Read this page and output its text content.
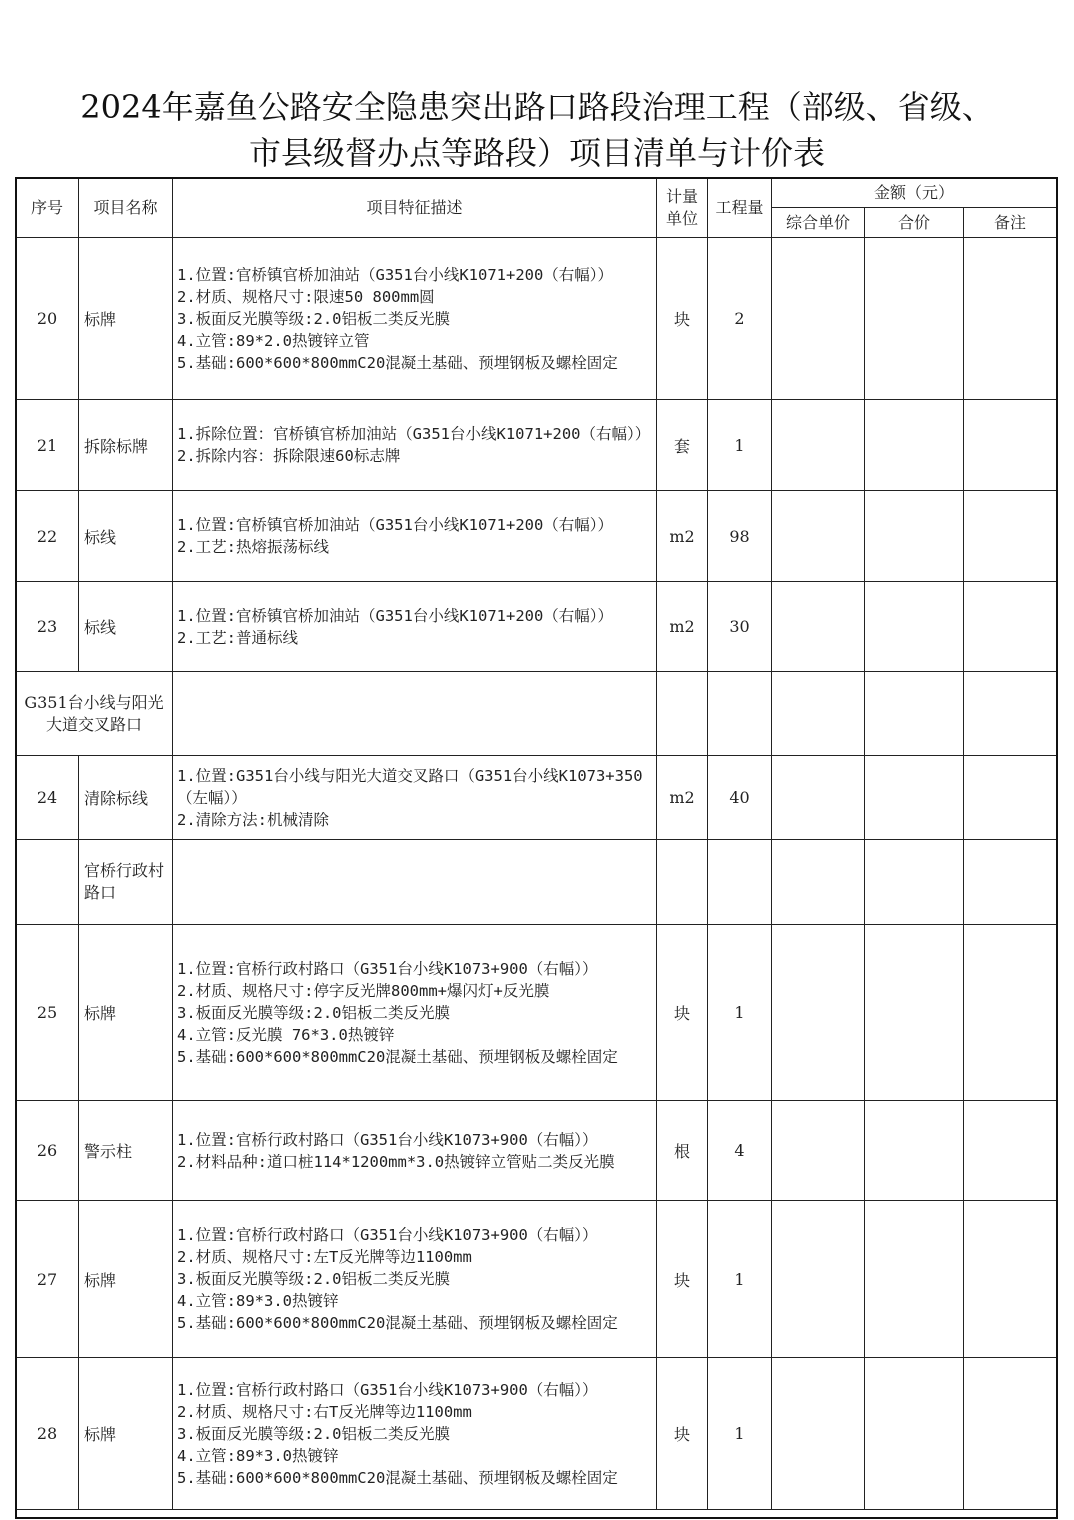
2024年嘉鱼公路安全隐患突出路口路段治理工程（部级、省级、
市县级督办点等路段）项目清单与计价表
序号	项目名称	项目特征描述	计量单位	工程量	金额（元）		
					综合单价	合价	备注
20	标牌	1.位置:官桥镇官桥加油站（G351台小线K1071+200（右幅））
2.材质、规格尺寸:限速50 800mm圆
3.板面反光膜等级:2.0铝板二类反光膜
4.立管:89*2.0热镀锌立管
5.基础:600*600*800mmC20混凝土基础、预埋钢板及螺栓固定	块	2			
21	拆除标牌	1.拆除位置：官桥镇官桥加油站（G351台小线K1071+200（右幅））
2.拆除内容：拆除限速60标志牌	套	1			
22	标线	1.位置:官桥镇官桥加油站（G351台小线K1071+200（右幅））
2.工艺:热熔振荡标线	m2	98			
23	标线	1.位置:官桥镇官桥加油站（G351台小线K1071+200（右幅））
2.工艺:普通标线	m2	30			
G351台小线与阳光大道交叉路口							
24	清除标线	1.位置:G351台小线与阳光大道交叉路口（G351台小线K1073+350（左幅））
2.清除方法:机械清除	m2	40			
	官桥行政村路口						
25	标牌	1.位置:官桥行政村路口（G351台小线K1073+900（右幅））
2.材质、规格尺寸:停字反光牌800mm+爆闪灯+反光膜
3.板面反光膜等级:2.0铝板二类反光膜
4.立管:反光膜 76*3.0热镀锌
5.基础:600*600*800mmC20混凝土基础、预埋钢板及螺栓固定	块	1			
26	警示柱	1.位置:官桥行政村路口（G351台小线K1073+900（右幅））
2.材料品种:道口桩114*1200mm*3.0热镀锌立管贴二类反光膜	根	4			
27	标牌	1.位置:官桥行政村路口（G351台小线K1073+900（右幅））
2.材质、规格尺寸:左T反光牌等边1100mm
3.板面反光膜等级:2.0铝板二类反光膜
4.立管:89*3.0热镀锌
5.基础:600*600*800mmC20混凝土基础、预埋钢板及螺栓固定	块	1			
28	标牌	1.位置:官桥行政村路口（G351台小线K1073+900（右幅））
2.材质、规格尺寸:右T反光牌等边1100mm
3.板面反光膜等级:2.0铝板二类反光膜
4.立管:89*3.0热镀锌
5.基础:600*600*800mmC20混凝土基础、预埋钢板及螺栓固定	块	1			
